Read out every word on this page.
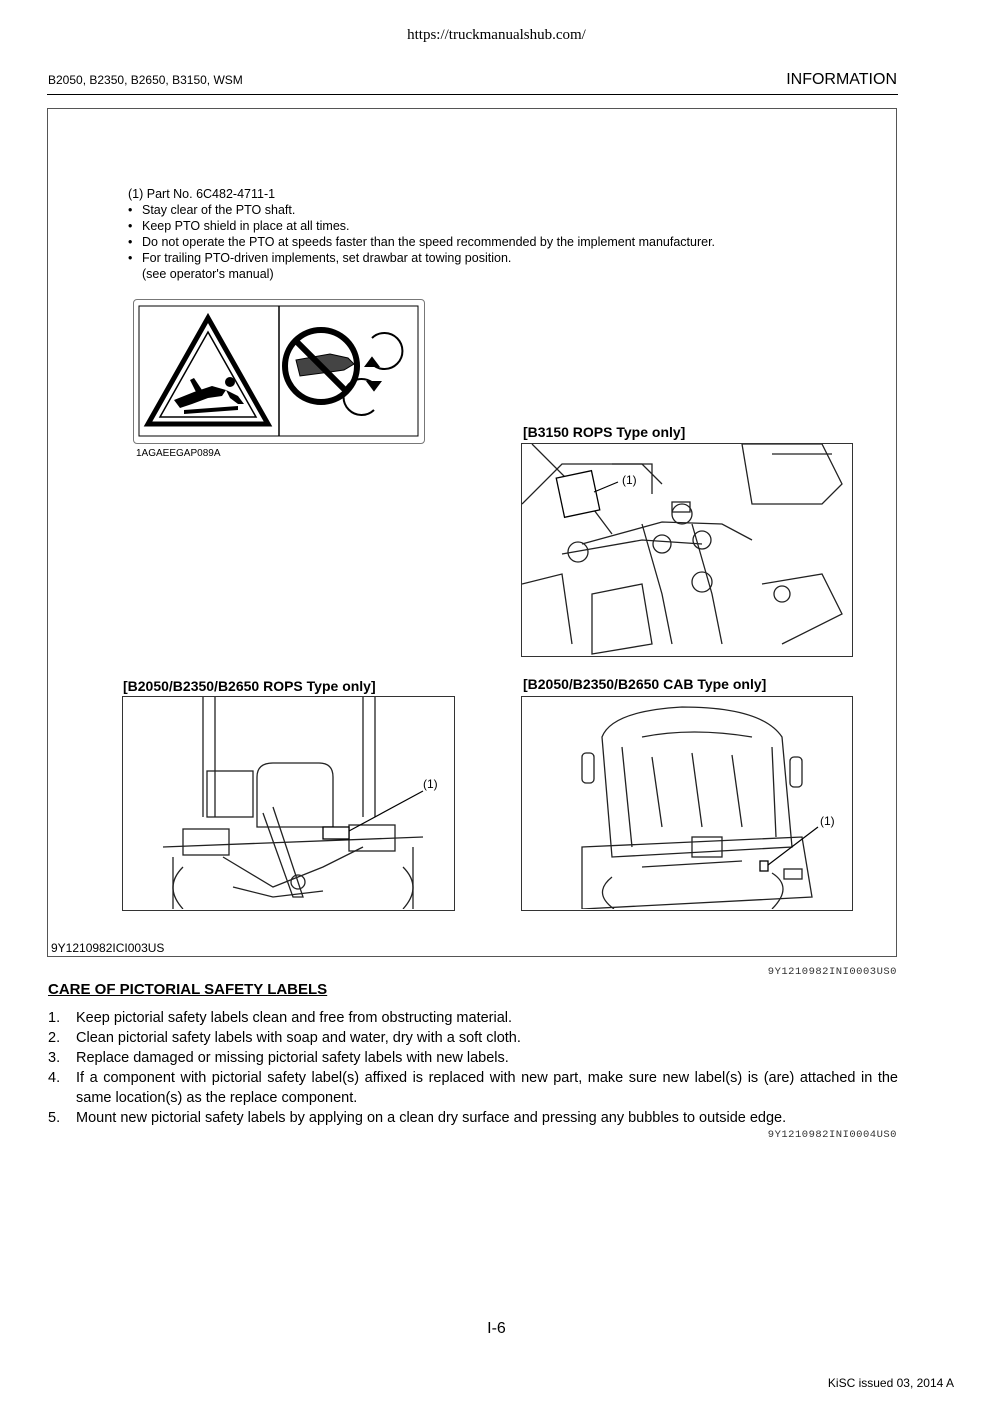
https://truckmanualshub.com/
B2050, B2350, B2650, B3150, WSM	INFORMATION
(1) Part No. 6C482-4711-1
• Stay clear of the PTO shaft.
• Keep PTO shield in place at all times.
• Do not operate the PTO at speeds faster than the speed recommended by the implement manufacturer.
• For trailing PTO-driven implements, set drawbar at towing position.
(see operator's manual)
1AGAEEGAP089A
[B3150 ROPS Type only]
(1)
[B2050/B2350/B2650 ROPS Type only]
(1)
[B2050/B2350/B2650 CAB Type only]
(1)
9Y1210982ICI003US
9Y1210982INI0003US0
CARE OF PICTORIAL SAFETY LABELS
1. Keep pictorial safety labels clean and free from obstructing material.
2. Clean pictorial safety labels with soap and water, dry with a soft cloth.
3. Replace damaged or missing pictorial safety labels with new labels.
4. If a component with pictorial safety label(s) affixed is replaced with new part, make sure new label(s) is (are) attached in the same location(s) as the replace component.
5. Mount new pictorial safety labels by applying on a clean dry surface and pressing any bubbles to outside edge.
9Y1210982INI0004US0
I-6
KiSC issued 03, 2014 A
